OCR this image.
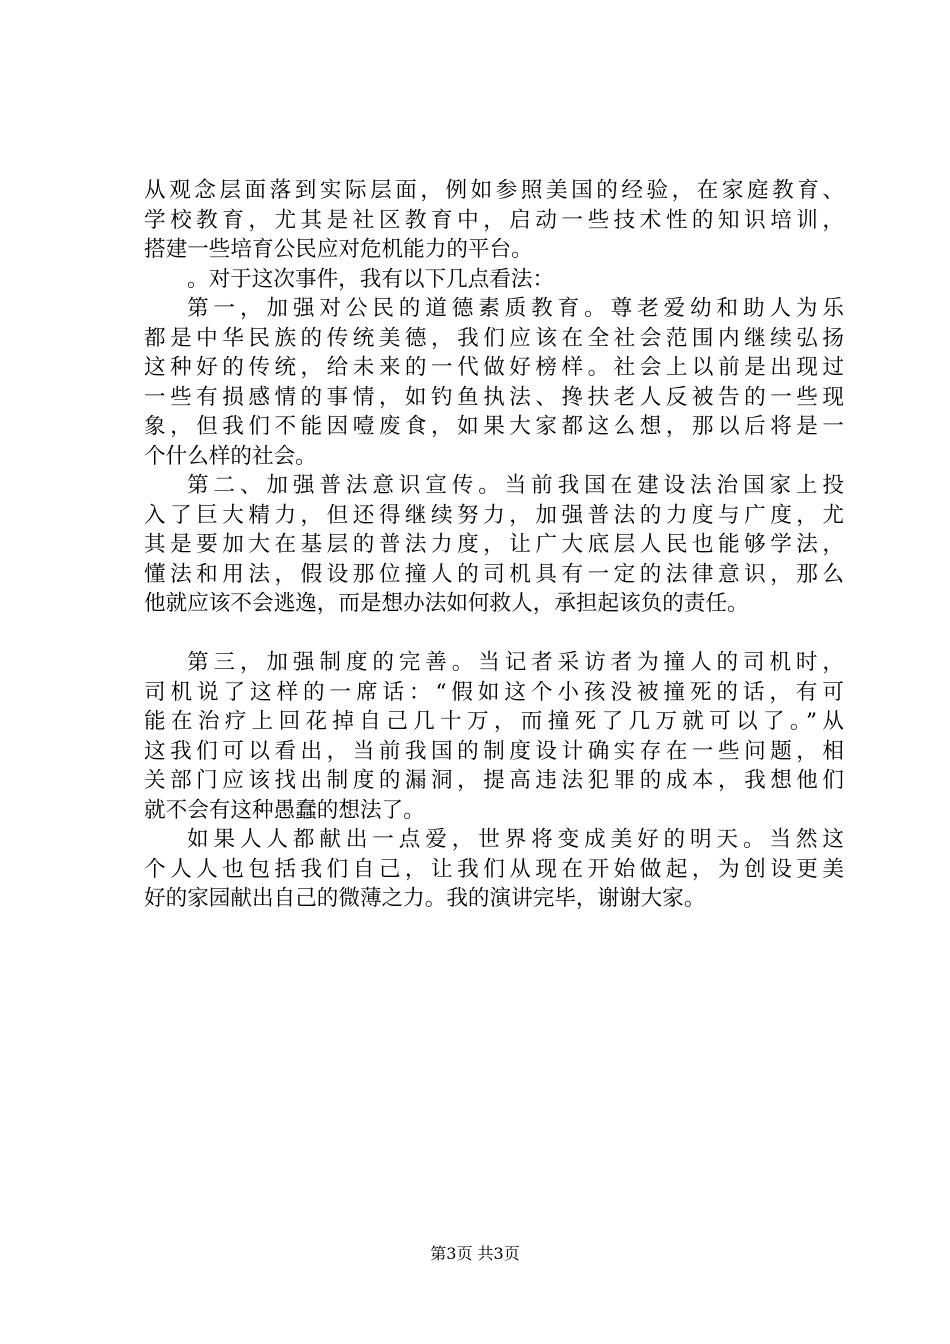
从观念层面落到实际层面，例如参照美国的经验，在家庭教育、
学校教育，尤其是社区教育中，启动一些技术性的知识培训，
搭建一些培育公民应对危机能力的平台。
。对于这次事件，我有以下几点看法：
第一，加强对公民的道德素质教育。尊老爱幼和助人为乐
都是中华民族的传统美德，我们应该在全社会范围内继续弘扬
这种好的传统，给未来的一代做好榜样。社会上以前是出现过
一些有损感情的事情，如钓鱼执法、搀扶老人反被告的一些现
象，但我们不能因噎废食，如果大家都这么想，那以后将是一
个什么样的社会。
第二、加强普法意识宣传。当前我国在建设法治国家上投
入了巨大精力，但还得继续努力，加强普法的力度与广度，尤
其是要加大在基层的普法力度，让广大底层人民也能够学法，
懂法和用法，假设那位撞人的司机具有一定的法律意识，那么
他就应该不会逃逸，而是想办法如何救人，承担起该负的责任。
第三，加强制度的完善。当记者采访者为撞人的司机时，
司机说了这样的一席话：“假如这个小孩没被撞死的话，有可
能在治疗上回花掉自己几十万，而撞死了几万就可以了。”从
这我们可以看出，当前我国的制度设计确实存在一些问题，相
关部门应该找出制度的漏洞，提高违法犯罪的成本，我想他们
就不会有这种愚蠢的想法了。
如果人人都献出一点爱，世界将变成美好的明天。当然这
个人人也包括我们自己，让我们从现在开始做起，为创设更美
好的家园献出自己的微薄之力。我的演讲完毕，谢谢大家。
第3页 共3页
